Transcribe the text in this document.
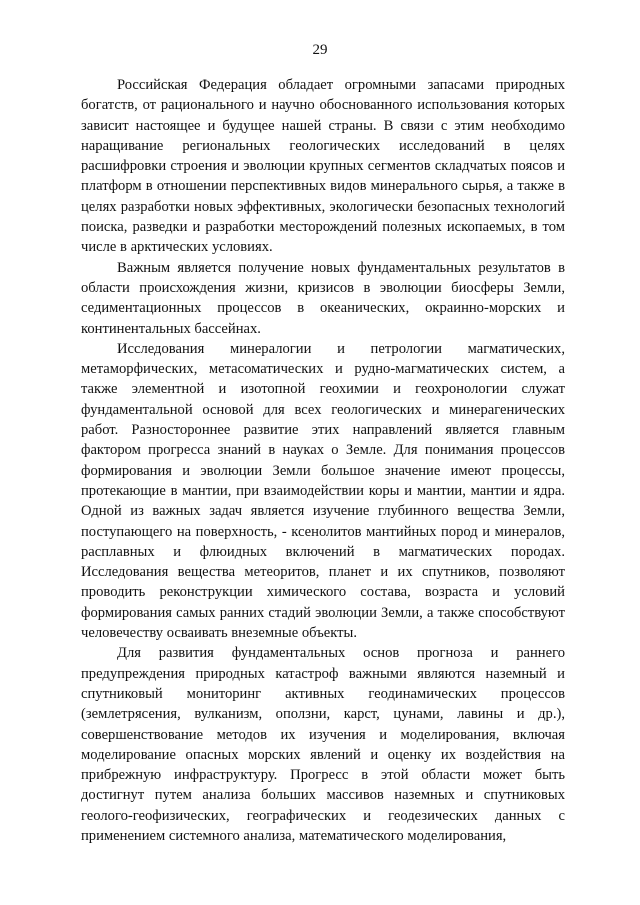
29

Российская Федерация обладает огромными запасами природных богатств, от рационального и научно обоснованного использования которых зависит настоящее и будущее нашей страны. В связи с этим необходимо наращивание региональных геологических исследований в целях расшифровки строения и эволюции крупных сегментов складчатых поясов и платформ в отношении перспективных видов минерального сырья, а также в целях разработки новых эффективных, экологически безопасных технологий поиска, разведки и разработки месторождений полезных ископаемых, в том числе в арктических условиях.

Важным является получение новых фундаментальных результатов в области происхождения жизни, кризисов в эволюции биосферы Земли, седиментационных процессов в океанических, окраинно-морских и континентальных бассейнах.

Исследования минералогии и петрологии магматических, метаморфических, метасоматических и рудно-магматических систем, а также элементной и изотопной геохимии и геохронологии служат фундаментальной основой для всех геологических и минерагенических работ. Разностороннее развитие этих направлений является главным фактором прогресса знаний в науках о Земле. Для понимания процессов формирования и эволюции Земли большое значение имеют процессы, протекающие в мантии, при взаимодействии коры и мантии, мантии и ядра. Одной из важных задач является изучение глубинного вещества Земли, поступающего на поверхность, - ксенолитов мантийных пород и минералов, расплавных и флюидных включений в магматических породах. Исследования вещества метеоритов, планет и их спутников, позволяют проводить реконструкции химического состава, возраста и условий формирования самых ранних стадий эволюции Земли, а также способствуют человечеству осваивать внеземные объекты.

Для развития фундаментальных основ прогноза и раннего предупреждения природных катастроф важными являются наземный и спутниковый мониторинг активных геодинамических процессов (землетрясения, вулканизм, оползни, карст, цунами, лавины и др.), совершенствование методов их изучения и моделирования, включая моделирование опасных морских явлений и оценку их воздействия на прибрежную инфраструктуру. Прогресс в этой области может быть достигнут путем анализа больших массивов наземных и спутниковых геолого-геофизических, географических и геодезических данных с применением системного анализа, математического моделирования,
